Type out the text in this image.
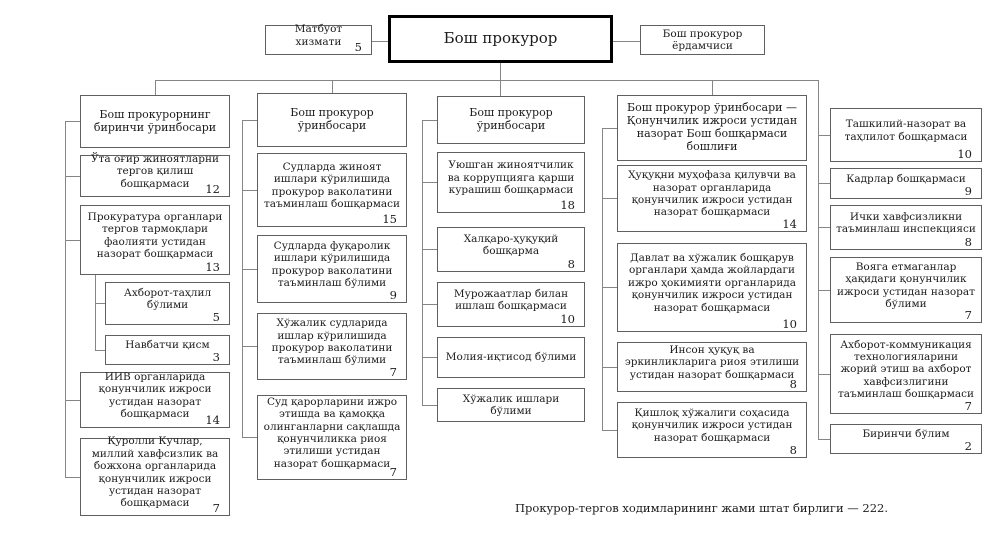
Матбуот хизмати	5
Бош прокурор	Бош прокурор ёрдамчиси
Бош прокурорнинг биринчи ўринбосари
Ўта оғир жиноятларни тергов қилиш бошқармаси	12
Прокуратура органлари тергов тармоқлари фаолияти устидан назорат бошқармаси
13
Ахборот-таҳлил бўлими
5
Навбатчи қисм
3
ИИВ органларида қонунчилик ижроси устидан назорат бошқармаси	14
Қуролли Кучлар, миллий хавфсизлик ва божхона органларида қонунчилик ижроси устидан назорат бошқармаси	7
Бош прокурор ўринбосари
Судларда жиноят ишлари кўрилишида прокурор ваколатини таъминлаш бошқармаси
15
Судларда фуқаролик ишлари кўрилишида прокурор ваколатини таъминлаш бўлими
9
Хўжалик судларида ишлар кўрилишида прокурор ваколатини таъминлаш бўлими
7
Суд қарорларини ижро этишда ва қамоққа олинганларни сақлашда қонунчиликка риоя этилиши устидан назорат бошқармаси
7
Бош прокурор ўринбосари
Уюшган жиноятчилик ва коррупцияга қарши курашиш бошқармаси
18
Халқаро-ҳуқуқий бошқарма
8
Мурожаатлар билан ишлаш бошқармаси
10
Молия-иқтисод бўлими
Хўжалик ишлари бўлими
Бош прокурор ўринбосари — Қонунчилик ижроси устидан назорат Бош бошқармаси бошлиғи
Ҳуқуқни муҳофаза қилувчи ва назорат органларида қонунчилик ижроси устидан назорат бошқармаси
14
Давлат ва хўжалик бошқарув органлари ҳамда жойлардаги ижро ҳокимияти органларида қонунчилик ижроси устидан назорат бошқармаси
10
Инсон ҳуқуқ ва эркинликларига риоя этилиши устидан назорат бошқармаси
8
Қишлоқ хўжалиги соҳасида қонунчилик ижроси устидан назорат бошқармаси
8
Ташкилий-назорат ва таҳлилот бошқармаси
10
Кадрлар бошқармаси
9
Ички хавфсизликни таъминлаш инспекцияси
8
Вояга етмаганлар ҳақидаги қонунчилик ижроси устидан назорат бўлими
7
Ахборот-коммуникация технологияларини жорий этиш ва ахборот хавфсизлигини таъминлаш бошқармаси
7
Биринчи бўлим
2
Прокурор-тергов ходимларининг жами штат бирлиги — 222.
